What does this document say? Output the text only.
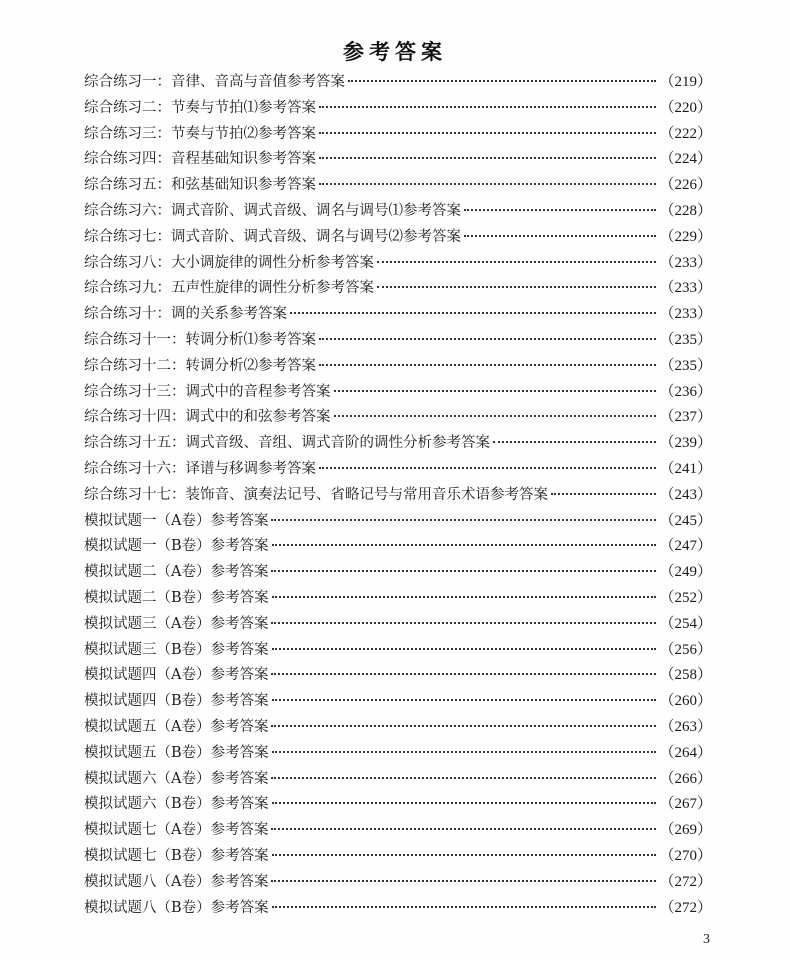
参考答案
综合练习一：音律、音高与音值参考答案	（219）
综合练习二：节奏与节拍⑴参考答案	（220）
综合练习三：节奏与节拍⑵参考答案	（222）
综合练习四：音程基础知识参考答案	（224）
综合练习五：和弦基础知识参考答案	（226）
综合练习六：调式音阶、调式音级、调名与调号⑴参考答案	（228）
综合练习七：调式音阶、调式音级、调名与调号⑵参考答案	（229）
综合练习八：大小调旋律的调性分析参考答案	（233）
综合练习九：五声性旋律的调性分析参考答案	（233）
综合练习十：调的关系参考答案	（233）
综合练习十一：转调分析⑴参考答案	（235）
综合练习十二：转调分析⑵参考答案	（235）
综合练习十三：调式中的音程参考答案	（236）
综合练习十四：调式中的和弦参考答案	（237）
综合练习十五：调式音级、音组、调式音阶的调性分析参考答案	（239）
综合练习十六：译谱与移调参考答案	（241）
综合练习十七：装饰音、演奏法记号、省略记号与常用音乐术语参考答案	（243）
模拟试题一（A卷）参考答案	（245）
模拟试题一（B卷）参考答案	（247）
模拟试题二（A卷）参考答案	（249）
模拟试题二（B卷）参考答案	（252）
模拟试题三（A卷）参考答案	（254）
模拟试题三（B卷）参考答案	（256）
模拟试题四（A卷）参考答案	（258）
模拟试题四（B卷）参考答案	（260）
模拟试题五（A卷）参考答案	（263）
模拟试题五（B卷）参考答案	（264）
模拟试题六（A卷）参考答案	（266）
模拟试题六（B卷）参考答案	（267）
模拟试题七（A卷）参考答案	（269）
模拟试题七（B卷）参考答案	（270）
模拟试题八（A卷）参考答案	（272）
模拟试题八（B卷）参考答案	（272）
3
